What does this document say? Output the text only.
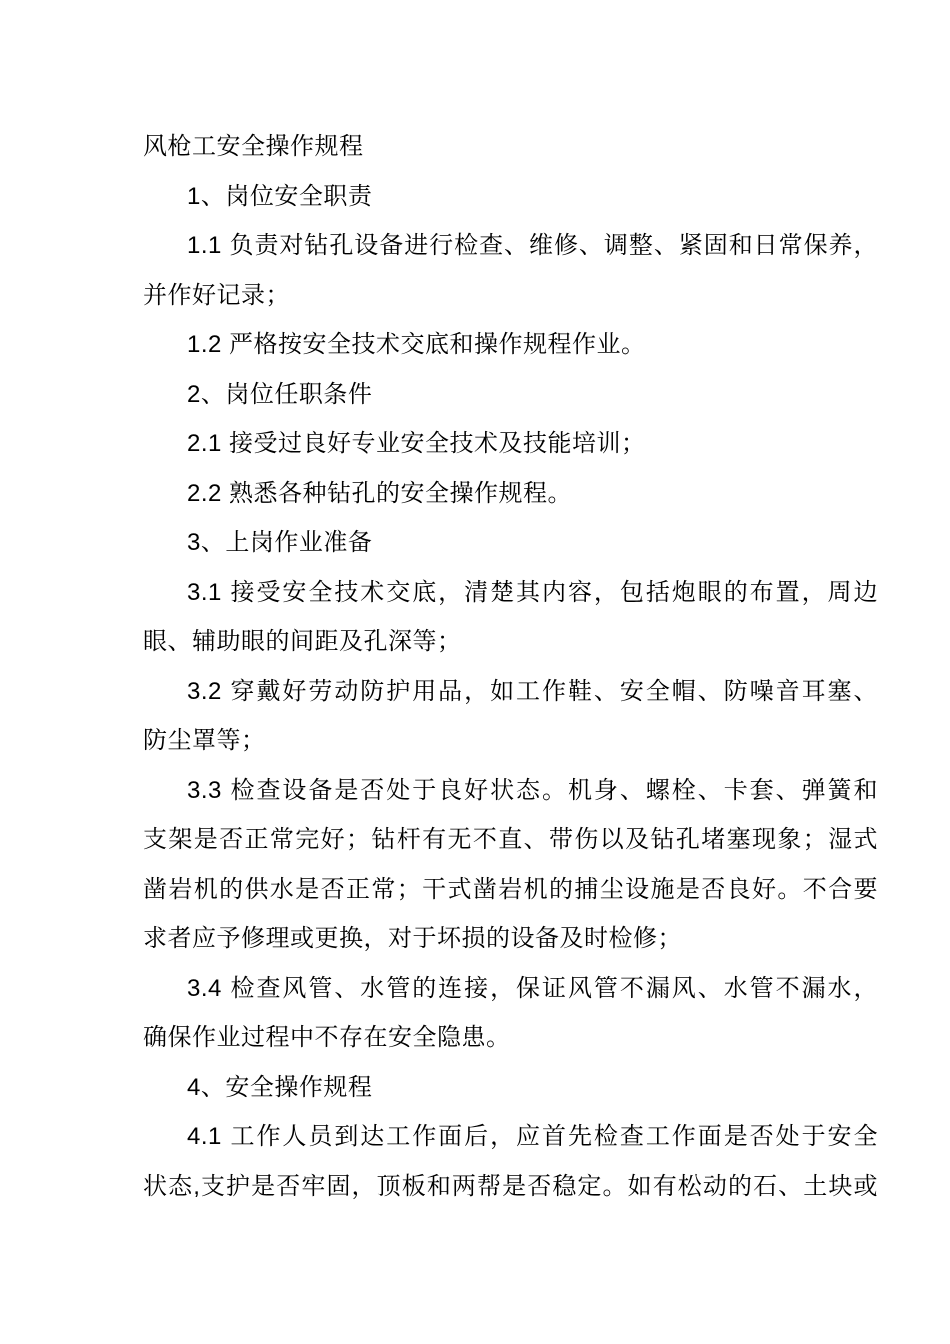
风枪工安全操作规程
1、岗位安全职责
1.1 负责对钻孔设备进行检查、维修、调整、紧固和日常保养，
并作好记录；
1.2 严格按安全技术交底和操作规程作业。
2、岗位任职条件
2.1 接受过良好专业安全技术及技能培训；
2.2 熟悉各种钻孔的安全操作规程。
3、上岗作业准备
3.1 接受安全技术交底，清楚其内容，包括炮眼的布置，周边
眼、辅助眼的间距及孔深等；
3.2 穿戴好劳动防护用品，如工作鞋、安全帽、防噪音耳塞、
防尘罩等；
3.3 检查设备是否处于良好状态。机身、螺栓、卡套、弹簧和
支架是否正常完好；钻杆有无不直、带伤以及钻孔堵塞现象；湿式
凿岩机的供水是否正常；干式凿岩机的捕尘设施是否良好。不合要
求者应予修理或更换，对于坏损的设备及时检修；
3.4 检查风管、水管的连接，保证风管不漏风、水管不漏水，
确保作业过程中不存在安全隐患。
4、安全操作规程
4.1 工作人员到达工作面后，应首先检查工作面是否处于安全
状态,支护是否牢固，顶板和两帮是否稳定。如有松动的石、土块或
